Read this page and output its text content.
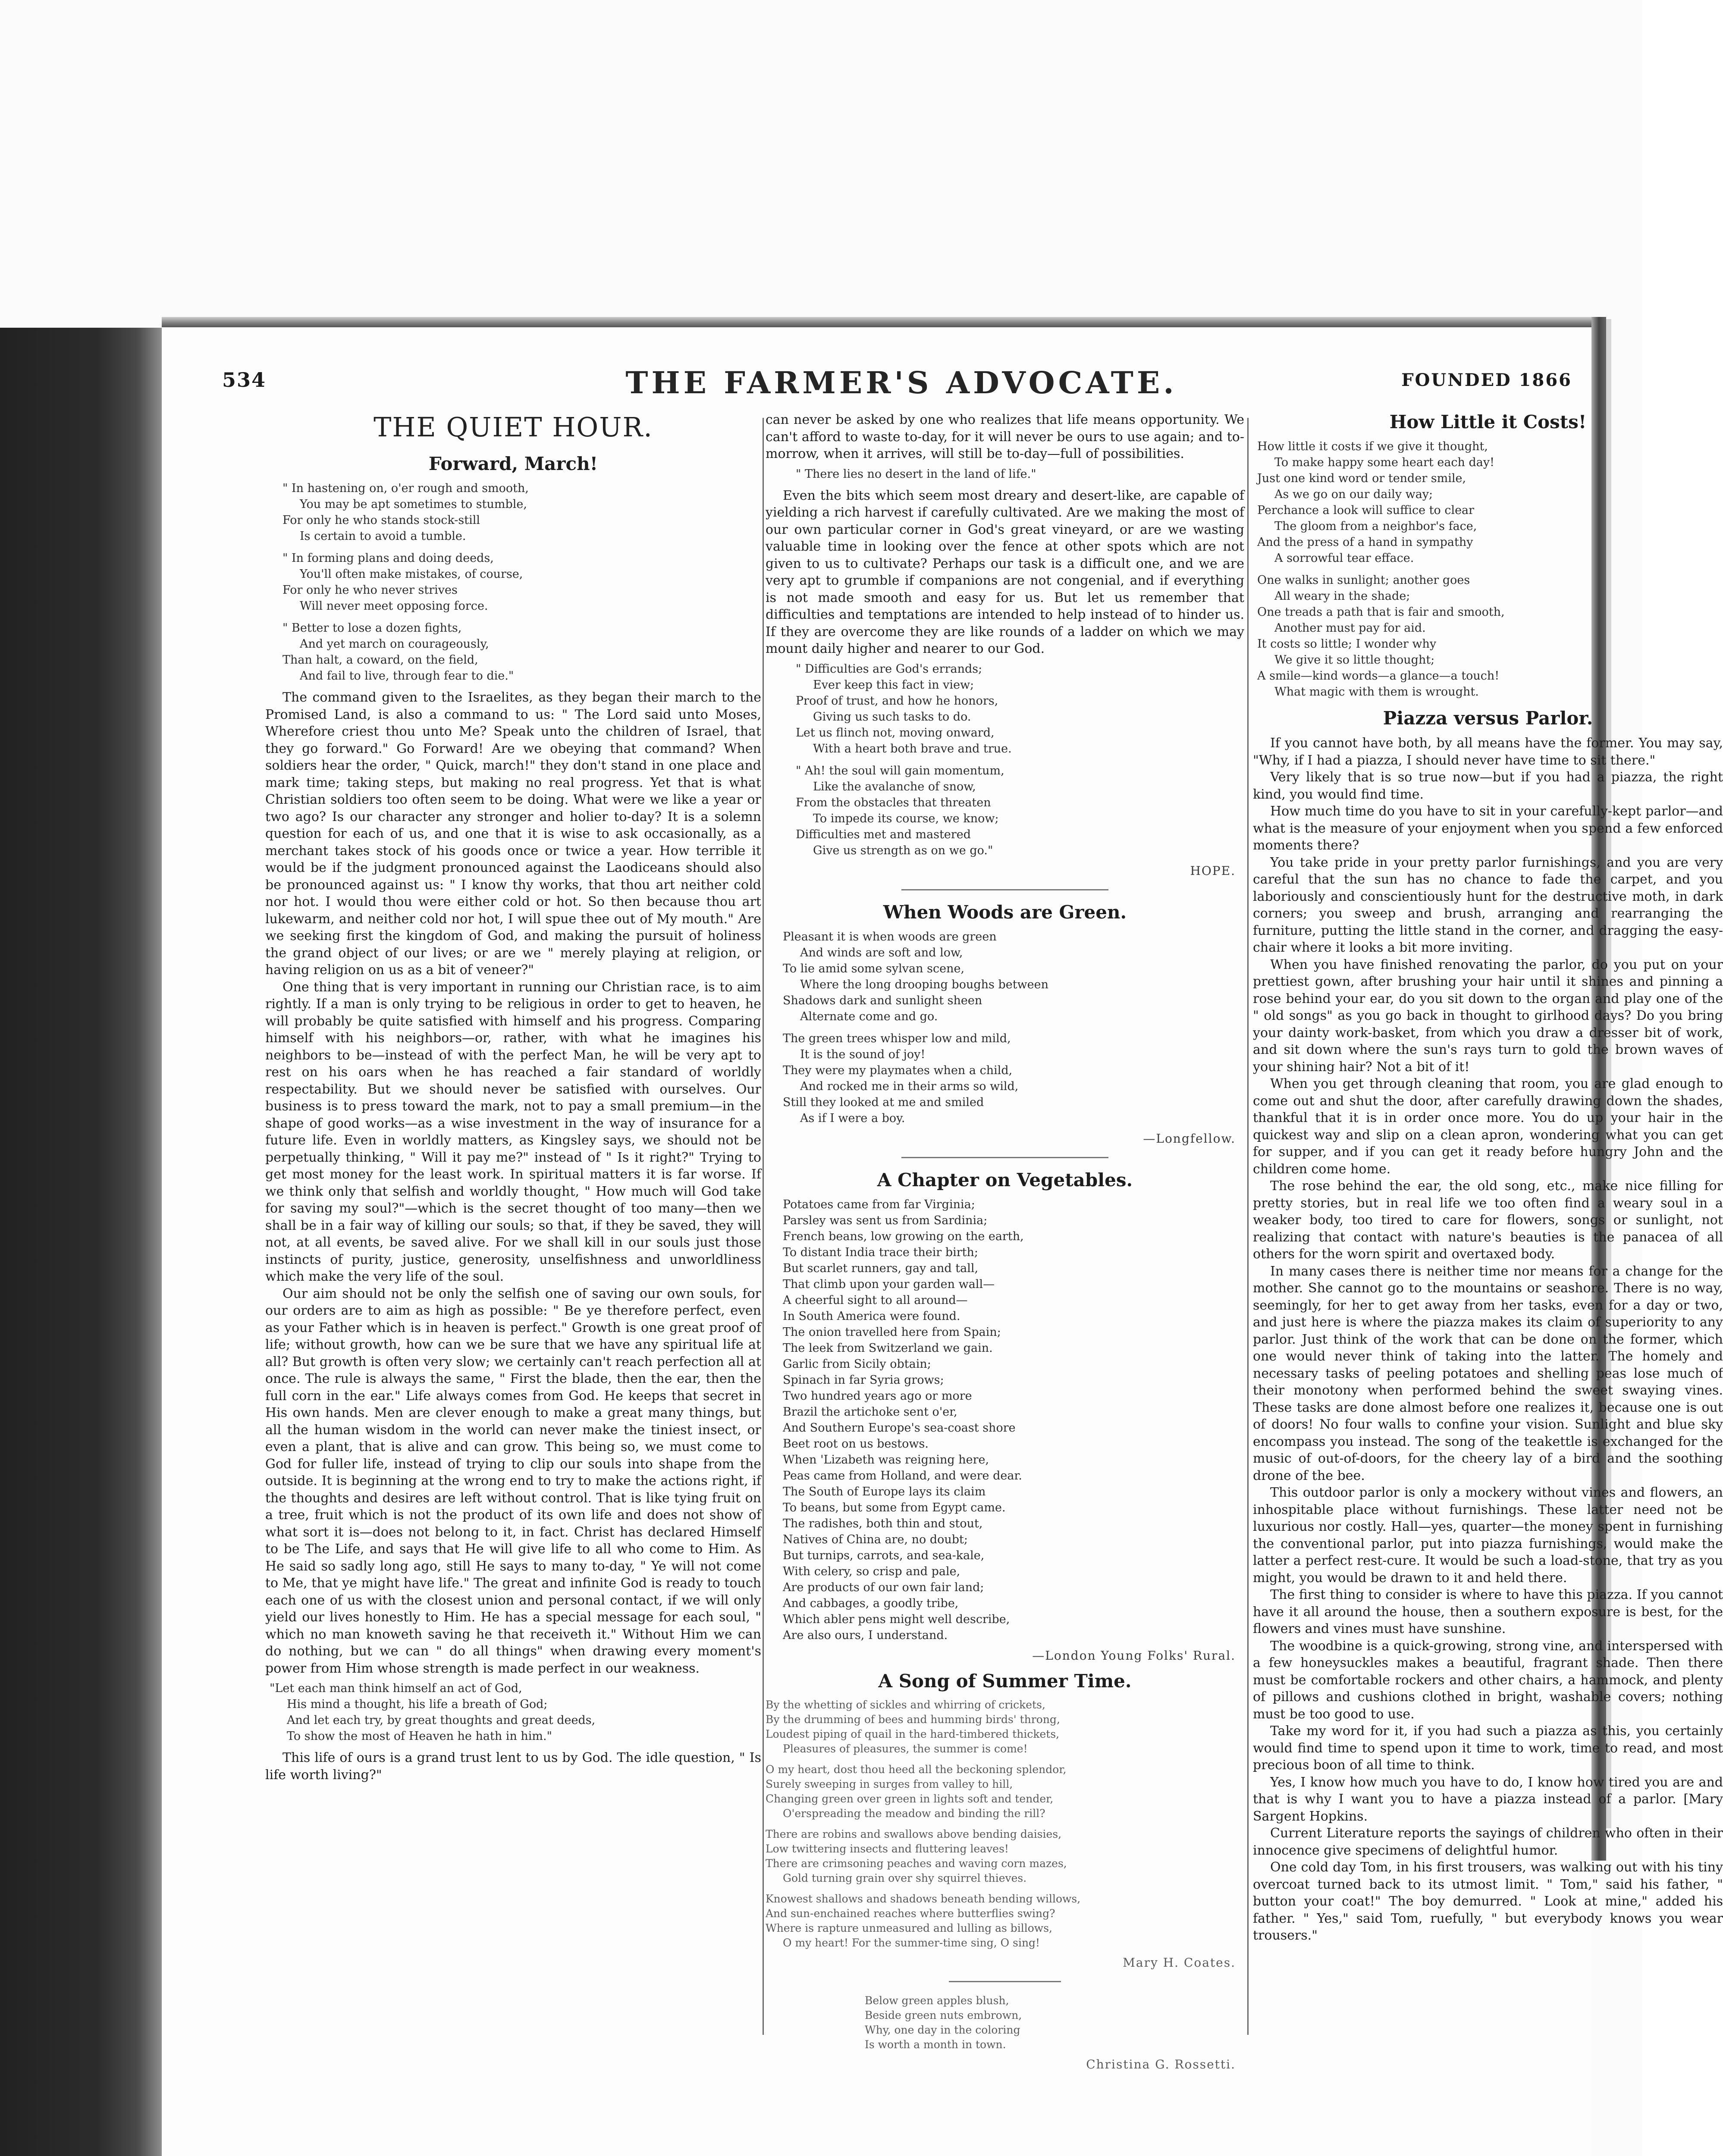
534	THE FARMER'S ADVOCATE.	FOUNDED 1866
THE QUIET HOUR.
Forward, March!
" In hastening on, o'er rough and smooth,
You may be apt sometimes to stumble,
For only he who stands stock-still
Is certain to avoid a tumble.
" In forming plans and doing deeds,
You'll often make mistakes, of course,
For only he who never strives
Will never meet opposing force.
" Better to lose a dozen fights,
And yet march on courageously,
Than halt, a coward, on the field,
And fail to live, through fear to die."

The command given to the Israelites, as they began their march to the Promised Land, is also a command to us: " The Lord said unto Moses, Wherefore criest thou unto Me? Speak unto the children of Israel, that they go forward." Go Forward! Are we obeying that command? When soldiers hear the order, " Quick, march!" they don't stand in one place and mark time; taking steps, but making no real progress. Yet that is what Christian soldiers too often seem to be doing. What were we like a year or two ago? Is our character any stronger and holier to-day? It is a solemn question for each of us, and one that it is wise to ask occasionally, as a merchant takes stock of his goods once or twice a year. How terrible it would be if the judgment pronounced against the Laodiceans should also be pronounced against us: " I know thy works, that thou art neither cold nor hot. I would thou were either cold or hot. So then because thou art lukewarm, and neither cold nor hot, I will spue thee out of My mouth." Are we seeking first the kingdom of God, and making the pursuit of holiness the grand object of our lives; or are we " merely playing at religion, or having religion on us as a bit of veneer?"

One thing that is very important in running our Christian race, is to aim rightly. If a man is only trying to be religious in order to get to heaven, he will probably be quite satisfied with himself and his progress. Comparing himself with his neighbors—or, rather, with what he imagines his neighbors to be—instead of with the perfect Man, he will be very apt to rest on his oars when he has reached a fair standard of worldly respectability. But we should never be satisfied with ourselves. Our business is to press toward the mark, not to pay a small premium—in the shape of good works—as a wise investment in the way of insurance for a future life. Even in worldly matters, as Kingsley says, we should not be perpetually thinking, " Will it pay me?" instead of " Is it right?" Trying to get most money for the least work. In spiritual matters it is far worse. If we think only that selfish and worldly thought, " How much will God take for saving my soul?"—which is the secret thought of too many—then we shall be in a fair way of killing our souls; so that, if they be saved, they will not, at all events, be saved alive. For we shall kill in our souls just those instincts of purity, justice, generosity, unselfishness and unworldliness which make the very life of the soul.

Our aim should not be only the selfish one of saving our own souls, for our orders are to aim as high as possible: " Be ye therefore perfect, even as your Father which is in heaven is perfect." Growth is one great proof of life; without growth, how can we be sure that we have any spiritual life at all? But growth is often very slow; we certainly can't reach perfection all at once. The rule is always the same, " First the blade, then the ear, then the full corn in the ear." Life always comes from God. He keeps that secret in His own hands. Men are clever enough to make a great many things, but all the human wisdom in the world can never make the tiniest insect, or even a plant, that is alive and can grow. This being so, we must come to God for fuller life, instead of trying to clip our souls into shape from the outside. It is beginning at the wrong end to try to make the actions right, if the thoughts and desires are left without control. That is like tying fruit on a tree, fruit which is not the product of its own life and does not show of what sort it is—does not belong to it, in fact. Christ has declared Himself to be The Life, and says that He will give life to all who come to Him. As He said so sadly long ago, still He says to many to-day, " Ye will not come to Me, that ye might have life." The great and infinite God is ready to touch each one of us with the closest union and personal contact, if we will only yield our lives honestly to Him. He has a special message for each soul, " which no man knoweth saving he that receiveth it." Without Him we can do nothing, but we can " do all things" when drawing every moment's power from Him whose strength is made perfect in our weakness.

"Let each man think himself an act of God,
His mind a thought, his life a breath of God;
And let each try, by great thoughts and great deeds,
To show the most of Heaven he hath in him."

This life of ours is a grand trust lent to us by God. The idle question, " Is life worth living?"

can never be asked by one who realizes that life means opportunity. We can't afford to waste to-day, for it will never be ours to use again; and to-morrow, when it arrives, will still be to-day—full of possibilities.

" There lies no desert in the land of life."

Even the bits which seem most dreary and desert-like, are capable of yielding a rich harvest if carefully cultivated. Are we making the most of our own particular corner in God's great vineyard, or are we wasting valuable time in looking over the fence at other spots which are not given to us to cultivate? Perhaps our task is a difficult one, and we are very apt to grumble if companions are not congenial, and if everything is not made smooth and easy for us. But let us remember that difficulties and temptations are intended to help instead of to hinder us. If they are overcome they are like rounds of a ladder on which we may mount daily higher and nearer to our God.

" Difficulties are God's errands;
Ever keep this fact in view;
Proof of trust, and how he honors,
Giving us such tasks to do.
Let us flinch not, moving onward,
With a heart both brave and true.
" Ah! the soul will gain momentum,
Like the avalanche of snow,
From the obstacles that threaten
To impede its course, we know;
Difficulties met and mastered
Give us strength as on we go."
HOPE.
When Woods are Green.
Pleasant it is when woods are green
And winds are soft and low,
To lie amid some sylvan scene,
Where the long drooping boughs between
Shadows dark and sunlight sheen
Alternate come and go.
The green trees whisper low and mild,
It is the sound of joy!
They were my playmates when a child,
And rocked me in their arms so wild,
Still they looked at me and smiled
As if I were a boy.
—Longfellow.
A Chapter on Vegetables.
Potatoes came from far Virginia;
Parsley was sent us from Sardinia;
French beans, low growing on the earth,
To distant India trace their birth;
But scarlet runners, gay and tall,
That climb upon your garden wall—
A cheerful sight to all around—
In South America were found.
The onion travelled here from Spain;
The leek from Switzerland we gain.
Garlic from Sicily obtain;
Spinach in far Syria grows;
Two hundred years ago or more
Brazil the artichoke sent o'er,
And Southern Europe's sea-coast shore
Beet root on us bestows.
When 'Lizabeth was reigning here,
Peas came from Holland, and were dear.
The South of Europe lays its claim
To beans, but some from Egypt came.
The radishes, both thin and stout,
Natives of China are, no doubt;
But turnips, carrots, and sea-kale,
With celery, so crisp and pale,
Are products of our own fair land;
And cabbages, a goodly tribe,
Which abler pens might well describe,
Are also ours, I understand.
—London Young Folks' Rural.
A Song of Summer Time.
By the whetting of sickles and whirring of crickets,
By the drumming of bees and humming birds' throng,
Loudest piping of quail in the hard-timbered thickets,
Pleasures of pleasures, the summer is come!
O my heart, dost thou heed all the beckoning splendor,
Surely sweeping in surges from valley to hill,
Changing green over green in lights soft and tender,
O'erspreading the meadow and binding the rill?
There are robins and swallows above bending daisies,
Low twittering insects and fluttering leaves!
There are crimsoning peaches and waving corn mazes,
Gold turning grain over shy squirrel thieves.
Knowest shallows and shadows beneath bending willows,
And sun-enchained reaches where butterflies swing?
Where is rapture unmeasured and lulling as billows,
O my heart! For the summer-time sing, O sing!
Mary H. Coates.
Below green apples blush,
Beside green nuts embrown,
Why, one day in the coloring
Is worth a month in town.
Christina G. Rossetti.
How Little it Costs!
How little it costs if we give it thought,
To make happy some heart each day!
Just one kind word or tender smile,
As we go on our daily way;
Perchance a look will suffice to clear
The gloom from a neighbor's face,
And the press of a hand in sympathy
A sorrowful tear efface.
One walks in sunlight; another goes
All weary in the shade;
One treads a path that is fair and smooth,
Another must pay for aid.
It costs so little; I wonder why
We give it so little thought;
A smile—kind words—a glance—a touch!
What magic with them is wrought.
Piazza versus Parlor.

If you cannot have both, by all means have the former. You may say, "Why, if I had a piazza, I should never have time to sit there."

Very likely that is so true now—but if you had a piazza, the right kind, you would find time.

How much time do you have to sit in your carefully-kept parlor—and what is the measure of your enjoyment when you spend a few enforced moments there?

You take pride in your pretty parlor furnishings, and you are very careful that the sun has no chance to fade the carpet, and you laboriously and conscientiously hunt for the destructive moth, in dark corners; you sweep and brush, arranging and rearranging the furniture, putting the little stand in the corner, and dragging the easy-chair where it looks a bit more inviting.

When you have finished renovating the parlor, do you put on your prettiest gown, after brushing your hair until it shines and pinning a rose behind your ear, do you sit down to the organ and play one of the " old songs" as you go back in thought to girlhood days? Do you bring your dainty work-basket, from which you draw a dresser bit of work, and sit down where the sun's rays turn to gold the brown waves of your shining hair? Not a bit of it!

When you get through cleaning that room, you are glad enough to come out and shut the door, after carefully drawing down the shades, thankful that it is in order once more. You do up your hair in the quickest way and slip on a clean apron, wondering what you can get for supper, and if you can get it ready before hungry John and the children come home.

The rose behind the ear, the old song, etc., make nice filling for pretty stories, but in real life we too often find a weary soul in a weaker body, too tired to care for flowers, songs or sunlight, not realizing that contact with nature's beauties is the panacea of all others for the worn spirit and overtaxed body.

In many cases there is neither time nor means for a change for the mother. She cannot go to the mountains or seashore. There is no way, seemingly, for her to get away from her tasks, even for a day or two, and just here is where the piazza makes its claim of superiority to any parlor. Just think of the work that can be done on the former, which one would never think of taking into the latter. The homely and necessary tasks of peeling potatoes and shelling peas lose much of their monotony when performed behind the sweet swaying vines. These tasks are done almost before one realizes it, because one is out of doors! No four walls to confine your vision. Sunlight and blue sky encompass you instead. The song of the teakettle is exchanged for the music of out-of-doors, for the cheery lay of a bird and the soothing drone of the bee.

This outdoor parlor is only a mockery without vines and flowers, an inhospitable place without furnishings. These latter need not be luxurious nor costly. Hall—yes, quarter—the money spent in furnishing the conventional parlor, put into piazza furnishings, would make the latter a perfect rest-cure. It would be such a load-stone, that try as you might, you would be drawn to it and held there.

The first thing to consider is where to have this piazza. If you cannot have it all around the house, then a southern exposure is best, for the flowers and vines must have sunshine.

The woodbine is a quick-growing, strong vine, and interspersed with a few honeysuckles makes a beautiful, fragrant shade. Then there must be comfortable rockers and other chairs, a hammock, and plenty of pillows and cushions clothed in bright, washable covers; nothing must be too good to use.

Take my word for it, if you had such a piazza as this, you certainly would find time to spend upon it time to work, time to read, and most precious boon of all time to think.

Yes, I know how much you have to do, I know how tired you are and that is why I want you to have a piazza instead of a parlor. [Mary Sargent Hopkins.

Current Literature reports the sayings of children who often in their innocence give specimens of delightful humor.

One cold day Tom, in his first trousers, was walking out with his tiny overcoat turned back to its utmost limit. " Tom," said his father, " button your coat!" The boy demurred. " Look at mine," added his father. " Yes," said Tom, ruefully, " but everybody knows you wear trousers."
